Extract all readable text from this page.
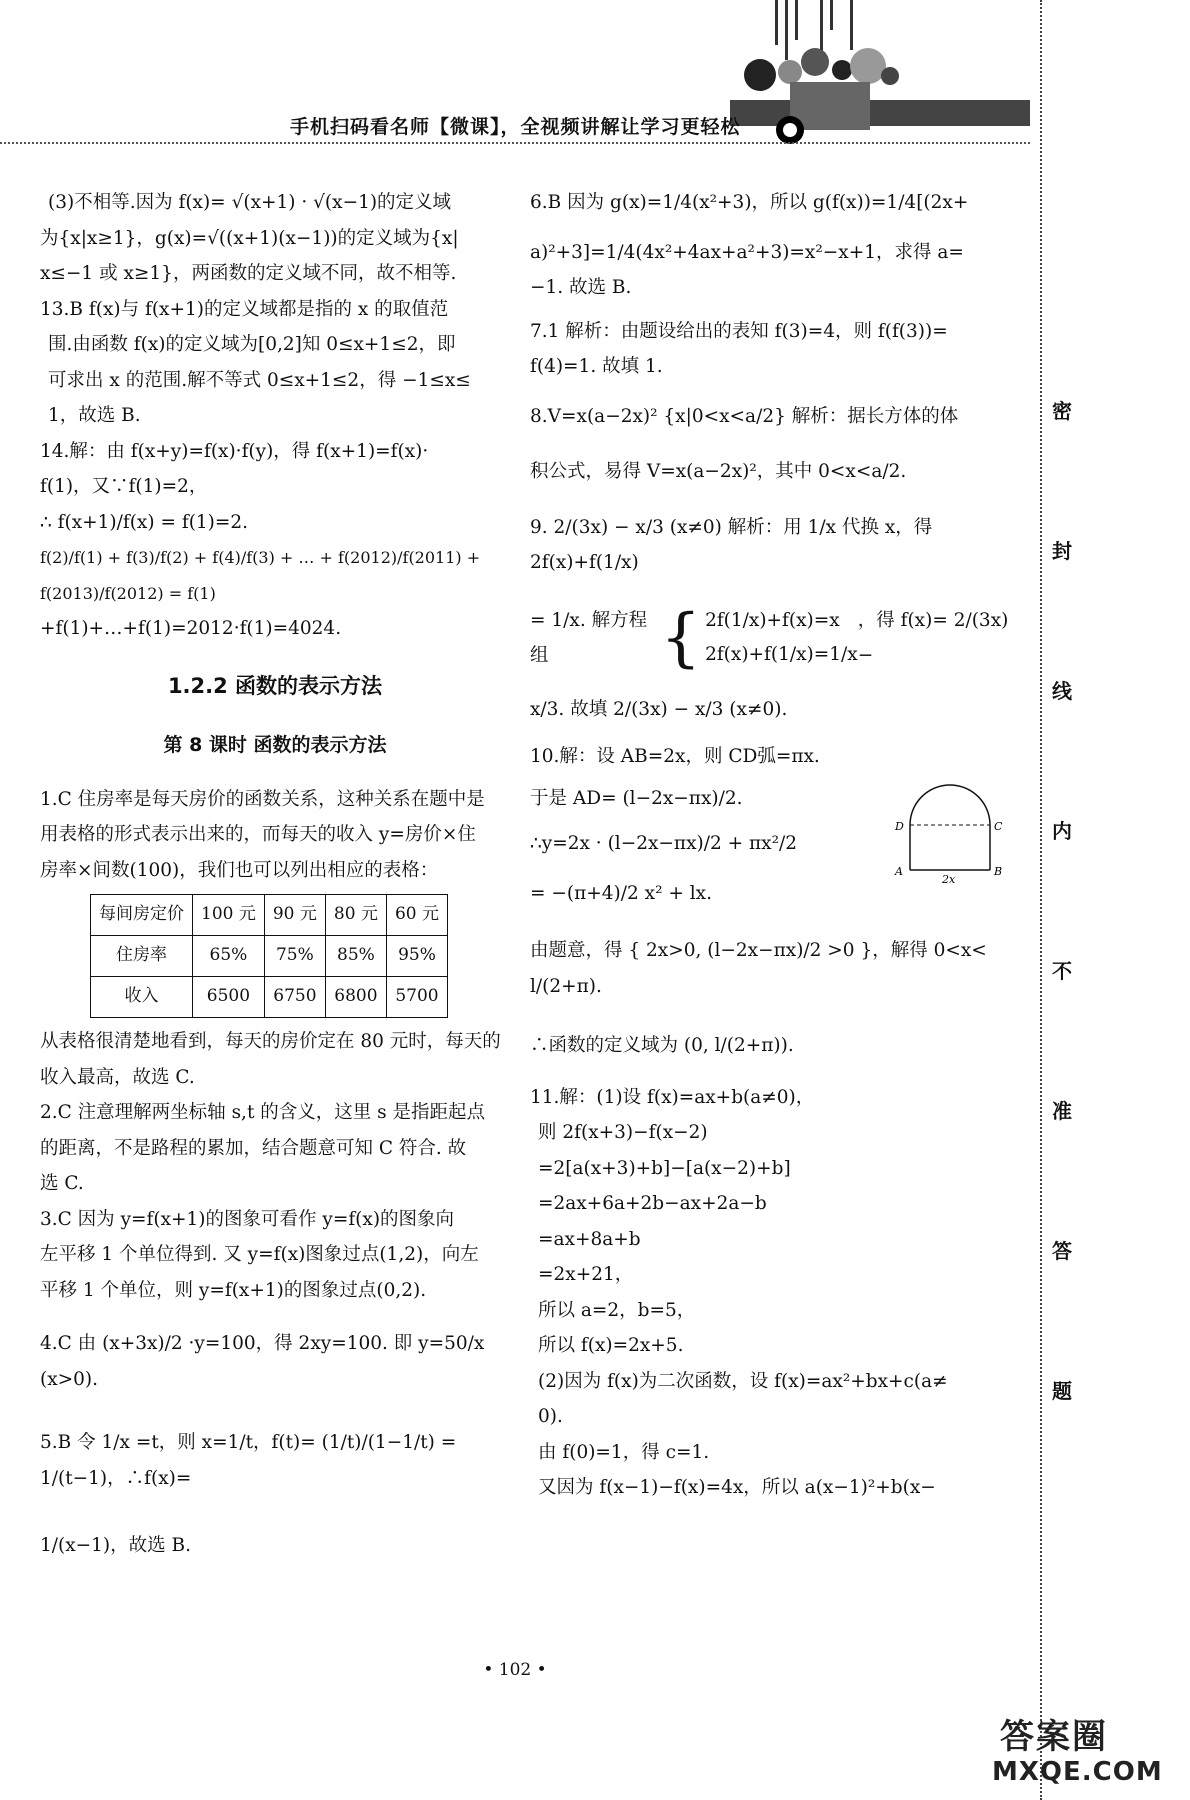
手机扫码看名师【微课】，全视频讲解让学习更轻松

(3)不相等.因为 f(x)= √(x+1) · √(x−1)的定义域

为{x|x≥1}，g(x)=√((x+1)(x−1))的定义域为{x|

x≤−1 或 x≥1}，两函数的定义域不同，故不相等.

13.B f(x)与 f(x+1)的定义域都是指的 x 的取值范

围.由函数 f(x)的定义域为[0,2]知 0≤x+1≤2，即

可求出 x 的范围.解不等式 0≤x+1≤2，得 −1≤x≤

1，故选 B.

14.解：由 f(x+y)=f(x)·f(y)，得 f(x+1)=f(x)·

f(1)，又∵f(1)=2，

∴ f(x+1)/f(x) = f(1)=2.

f(2)/f(1) + f(3)/f(2) + f(4)/f(3) + … + f(2012)/f(2011) + f(2013)/f(2012) = f(1)

+f(1)+…+f(1)=2012·f(1)=4024.

1.2.2 函数的表示方法
第 8 课时 函数的表示方法

1.C 住房率是每天房价的函数关系，这种关系在题中是

用表格的形式表示出来的，而每天的收入 y=房价×住

房率×间数(100)，我们也可以列出相应的表格：

每间房定价	100 元	90 元	80 元	60 元
住房率	65%	75%	85%	95%
收入	6500	6750	6800	5700

从表格很清楚地看到，每天的房价定在 80 元时，每天的

收入最高，故选 C.

2.C 注意理解两坐标轴 s,t 的含义，这里 s 是指距起点

的距离，不是路程的累加，结合题意可知 C 符合. 故

选 C.

3.C 因为 y=f(x+1)的图象可看作 y=f(x)的图象向

左平移 1 个单位得到. 又 y=f(x)图象过点(1,2)，向左

平移 1 个单位，则 y=f(x+1)的图象过点(0,2).

4.C 由 (x+3x)/2 ·y=100，得 2xy=100. 即 y=50/x (x>0).

5.B 令 1/x =t，则 x=1/t，f(t)= (1/t)/(1−1/t) = 1/(t−1)，∴f(x)=

1/(x−1)，故选 B.

6.B 因为 g(x)=1/4(x²+3)，所以 g(f(x))=1/4[(2x+

a)²+3]=1/4(4x²+4ax+a²+3)=x²−x+1，求得 a=

−1. 故选 B.

7.1 解析：由题设给出的表知 f(3)=4，则 f(f(3))=

f(4)=1. 故填 1.

8.V=x(a−2x)² {x|0<x<a/2} 解析：据长方体的体

积公式，易得 V=x(a−2x)²，其中 0<x<a/2.

9. 2/(3x) − x/3 (x≠0) 解析：用 1/x 代换 x，得 2f(x)+f(1/x)

= 1/x. 解方程组	{ 2f(1/x)+f(x)=x
2f(x)+f(1/x)=1/x
，得 f(x)= 2/(3x) −

x/3. 故填 2/(3x) − x/3 (x≠0).

10.解：设 AB=2x，则 CD弧=πx.

于是 AD= (l−2x−πx)/2.

∴y=2x · (l−2x−πx)/2 + πx²/2

= −(π+4)/2 x² + lx.

由题意，得 { 2x>0, (l−2x−πx)/2 >0 }，解得 0<x< l/(2+π).

∴函数的定义域为 (0, l/(2+π)).

11.解：(1)设 f(x)=ax+b(a≠0)，

则 2f(x+3)−f(x−2)

=2[a(x+3)+b]−[a(x−2)+b]

=2ax+6a+2b−ax+2a−b

=ax+8a+b

=2x+21，

所以 a=2，b=5，

所以 f(x)=2x+5.

(2)因为 f(x)为二次函数，设 f(x)=ax²+bx+c(a≠

0).

由 f(0)=1，得 c=1.

又因为 f(x−1)−f(x)=4x，所以 a(x−1)²+b(x−

D	C
A	B
2x
• 102 •
密
封
线
内
不
准
答
题
答案圈
MXQE.COM
